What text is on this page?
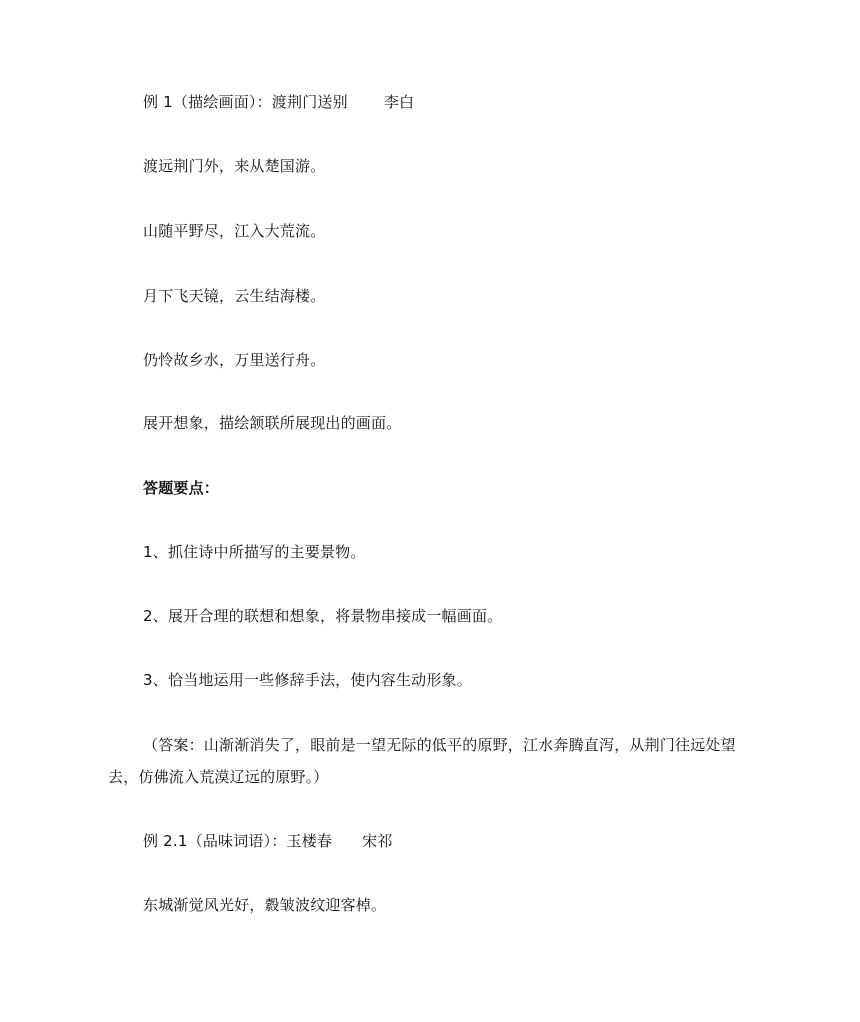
例 1（描绘画面）：渡荆门送别 李白
渡远荆门外，来从楚国游。
山随平野尽，江入大荒流。
月下飞天镜，云生结海楼。
仍怜故乡水，万里送行舟。
展开想象，描绘颔联所展现出的画面。
答题要点：
1、抓住诗中所描写的主要景物。
2、展开合理的联想和想象，将景物串接成一幅画面。
3、恰当地运用一些修辞手法，使内容生动形象。
（答案：山渐渐消失了，眼前是一望无际的低平的原野，江水奔腾直泻，从荆门往远处望去，仿佛流入荒漠辽远的原野。）
例 2.1（品味词语）：玉楼春 宋祁
东城渐觉风光好，縠皱波纹迎客棹。
